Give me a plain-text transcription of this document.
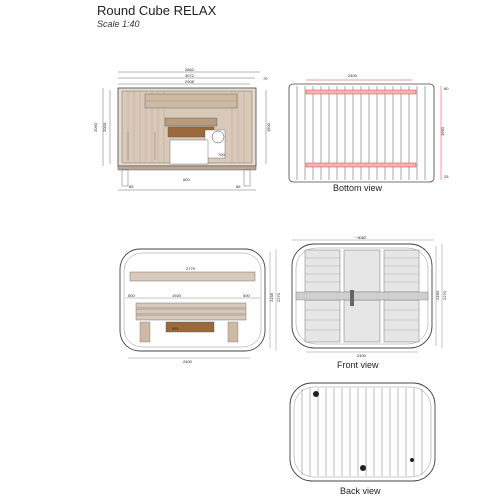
Round Cube RELAX
Scale 1:40
2862
3072
2908
70
700
2060 2004	1900
85
600
85
2400
60
1650
25
2779
500	1920	500
951
2158 2270
2400
~3082
2160 2270
2400
Bottom view
Front view
Back view
